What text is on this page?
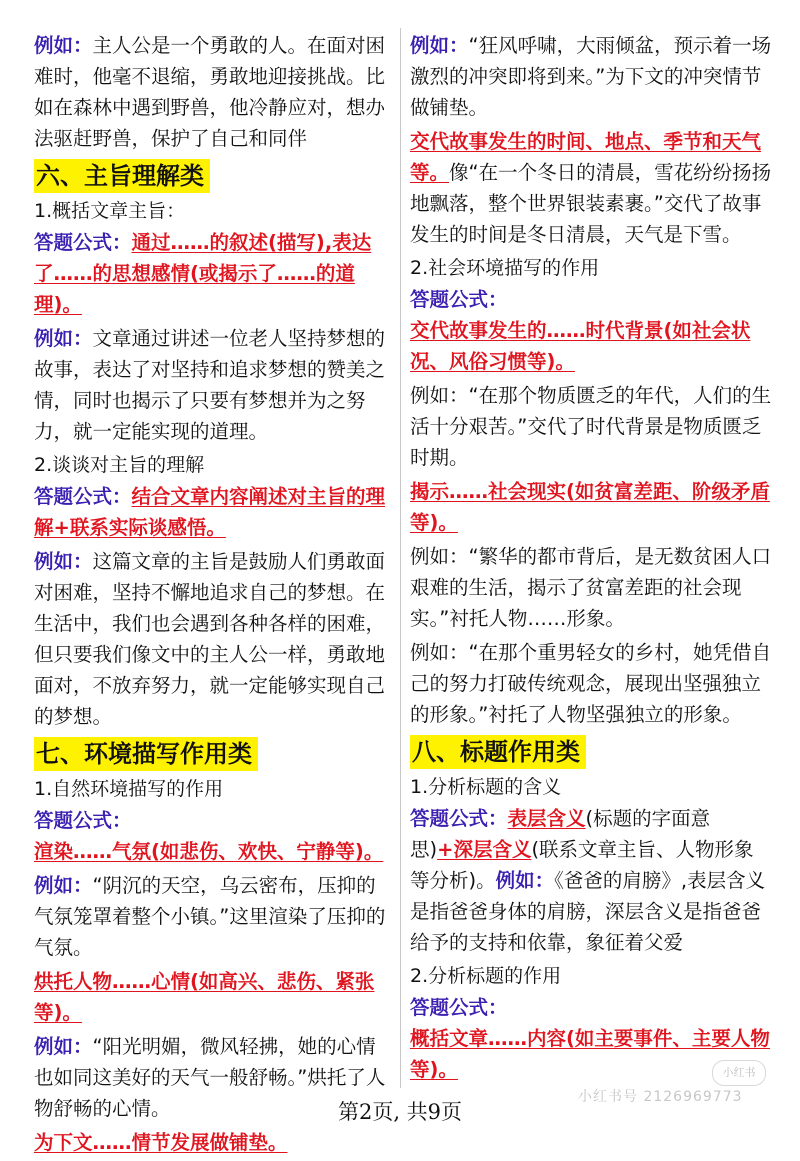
例如：主人公是一个勇敢的人。在面对困难时，他毫不退缩，勇敢地迎接挑战。比如在森林中遇到野兽，他冷静应对，想办法驱赶野兽，保护了自己和同伴

六、主旨理解类

1.概括文章主旨：

答题公式：通过……的叙述(描写),表达了……的思想感情(或揭示了……的道理)。

例如：文章通过讲述一位老人坚持梦想的故事，表达了对坚持和追求梦想的赞美之情，同时也揭示了只要有梦想并为之努力，就一定能实现的道理。

2.谈谈对主旨的理解

答题公式：结合文章内容阐述对主旨的理解+联系实际谈感悟。

例如：这篇文章的主旨是鼓励人们勇敢面对困难，坚持不懈地追求自己的梦想。在生活中，我们也会遇到各种各样的困难，但只要我们像文中的主人公一样，勇敢地面对，不放弃努力，就一定能够实现自己的梦想。

七、环境描写作用类

1.自然环境描写的作用

答题公式：

渲染……气氛(如悲伤、欢快、宁静等)。

例如：“阴沉的天空，乌云密布，压抑的气氛笼罩着整个小镇。”这里渲染了压抑的气氛。

烘托人物……心情(如高兴、悲伤、紧张等)。

例如：“阳光明媚，微风轻拂，她的心情也如同这美好的天气一般舒畅。”烘托了人物舒畅的心情。

为下文……情节发展做铺垫。

例如：“狂风呼啸，大雨倾盆，预示着一场激烈的冲突即将到来。”为下文的冲突情节做铺垫。

交代故事发生的时间、地点、季节和天气等。像“在一个冬日的清晨，雪花纷纷扬扬地飘落，整个世界银装素裹。”交代了故事发生的时间是冬日清晨，天气是下雪。

2.社会环境描写的作用

答题公式：

交代故事发生的……时代背景(如社会状况、风俗习惯等)。

例如：“在那个物质匮乏的年代，人们的生活十分艰苦。”交代了时代背景是物质匮乏时期。

揭示……社会现实(如贫富差距、阶级矛盾等)。

例如：“繁华的都市背后，是无数贫困人口艰难的生活，揭示了贫富差距的社会现实。”衬托人物……形象。

例如：“在那个重男轻女的乡村，她凭借自己的努力打破传统观念，展现出坚强独立的形象。”衬托了人物坚强独立的形象。

八、标题作用类

1.分析标题的含义

答题公式：表层含义(标题的字面意思)+深层含义(联系文章主旨、人物形象等分析)。例如：《爸爸的肩膀》,表层含义是指爸爸身体的肩膀，深层含义是指爸爸给予的支持和依靠，象征着父爱

2.分析标题的作用

答题公式：

概括文章……内容(如主要事件、主要人物等)。	小红书
小红书号 2126969773
第2页, 共9页
